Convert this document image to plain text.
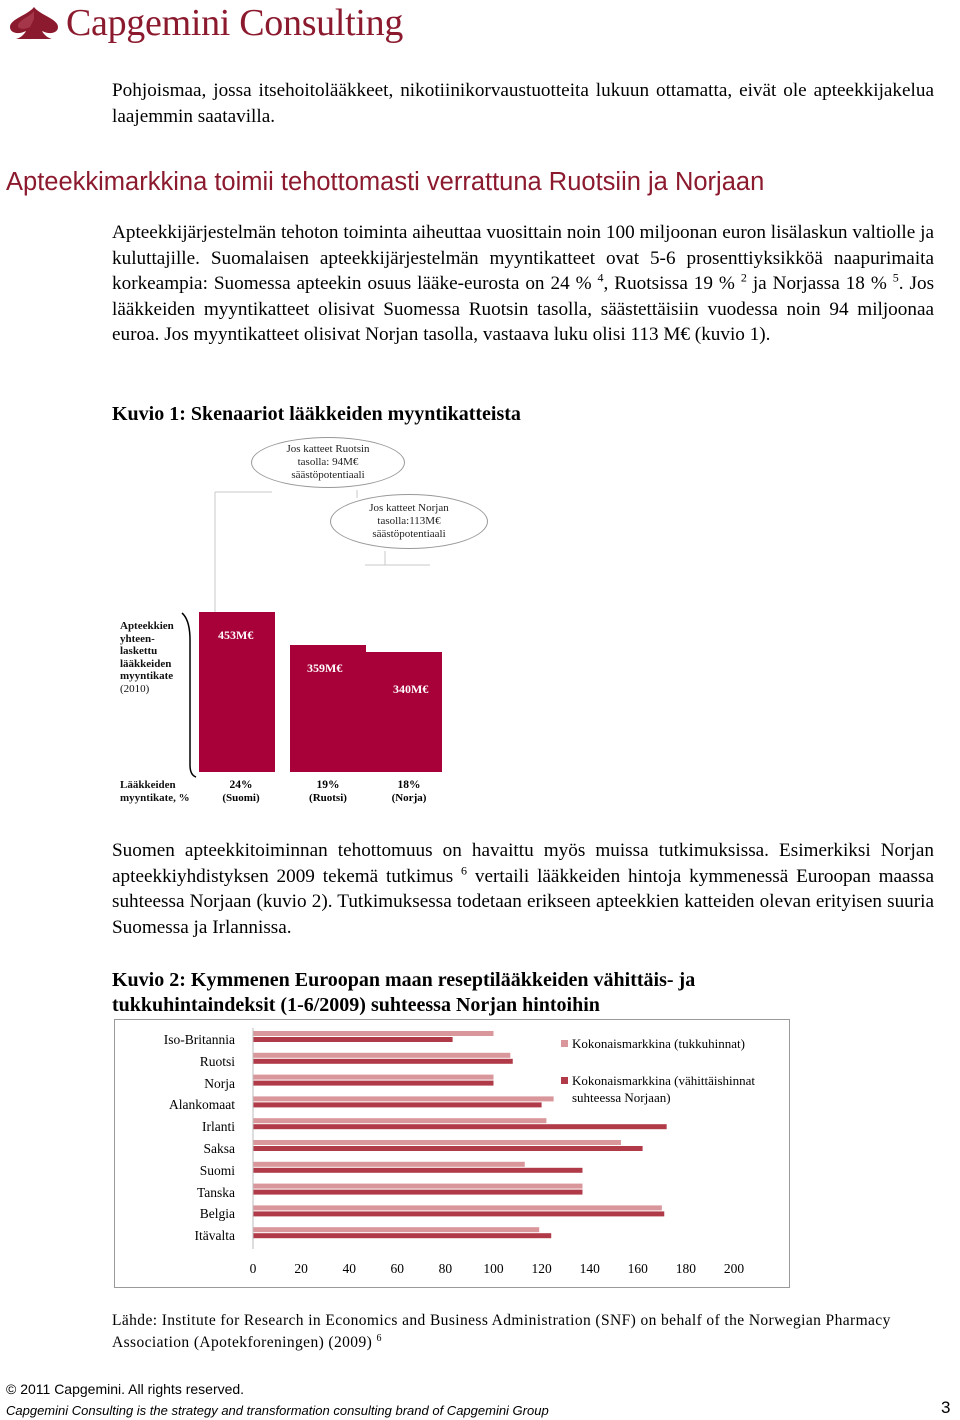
Capgemini Consulting

Pohjoismaa, jossa itsehoitolääkkeet, nikotiinikorvaustuotteita lukuun ottamatta, eivät ole apteekkijakelua laajemmin saatavilla.

Apteekkimarkkina toimii tehottomasti verrattuna Ruotsiin ja Norjaan

Apteekkijärjestelmän tehoton toiminta aiheuttaa vuosittain noin 100 miljoonan euron lisälaskun valtiolle ja kuluttajille. Suomalaisen apteekkijärjestelmän myyntikatteet ovat 5-6 prosenttiyksikköä naapurimaita korkeampia: Suomessa apteekin osuus lääke-eurosta on 24 % $^4$, Ruotsissa 19 % $^2$ ja Norjassa 18 % $^5$. Jos lääkkeiden myyntikatteet olisivat Suomessa Ruotsin tasolla, säästettäisiin vuodessa noin 94 miljoonaa euroa. Jos myyntikatteet olisivat Norjan tasolla, vastaava luku olisi 113 M€ (kuvio 1).

Kuvio 1: Skenaariot lääkkeiden myyntikatteista
Jos katteet Ruotsin
tasolla: 94M€
säästöpotentiaali
Jos katteet Norjan
tasolla:113M€
säästöpotentiaali
Apteekkien
yhteen-
laskettu
lääkkeiden
myyntikate
(2010)
453M€
359M€
340M€
Lääkkeiden
myyntikate, %
24%
(Suomi)
19%
(Ruotsi)
18%
(Norja)

Suomen apteekkitoiminnan tehottomuus on havaittu myös muissa tutkimuksissa. Esimerkiksi Norjan apteekkiyhdistyksen 2009 tekemä tutkimus $^6$ vertaili lääkkeiden hintoja kymmenessä Euroopan maassa suhteessa Norjaan (kuvio 2). Tutkimuksessa todetaan erikseen apteekkien katteiden olevan erityisen suuria Suomessa ja Irlannissa.

Kuvio 2: Kymmenen Euroopan maan reseptilääkkeiden vähittäis- ja
tukkuhintaindeksit (1-6/2009) suhteessa Norjan hintoihin
Iso-Britannia
Ruotsi
Norja
Alankomaat
Irlanti
Saksa
Suomi
Tanska
Belgia
Itävalta
0	20	40	60	80	100	120	140	160	180	200
Kokonaismarkkina (tukkuhinnat)
Kokonaismarkkina (vähittäishinnat
suhteessa Norjaan)
Lähde: Institute for Research in Economics and Business Administration (SNF) on behalf of the Norwegian Pharmacy Association (Apotekforeningen) (2009) $^6$
© 2011 Capgemini. All rights reserved.
Capgemini Consulting is the strategy and transformation consulting brand of Capgemini Group	3
